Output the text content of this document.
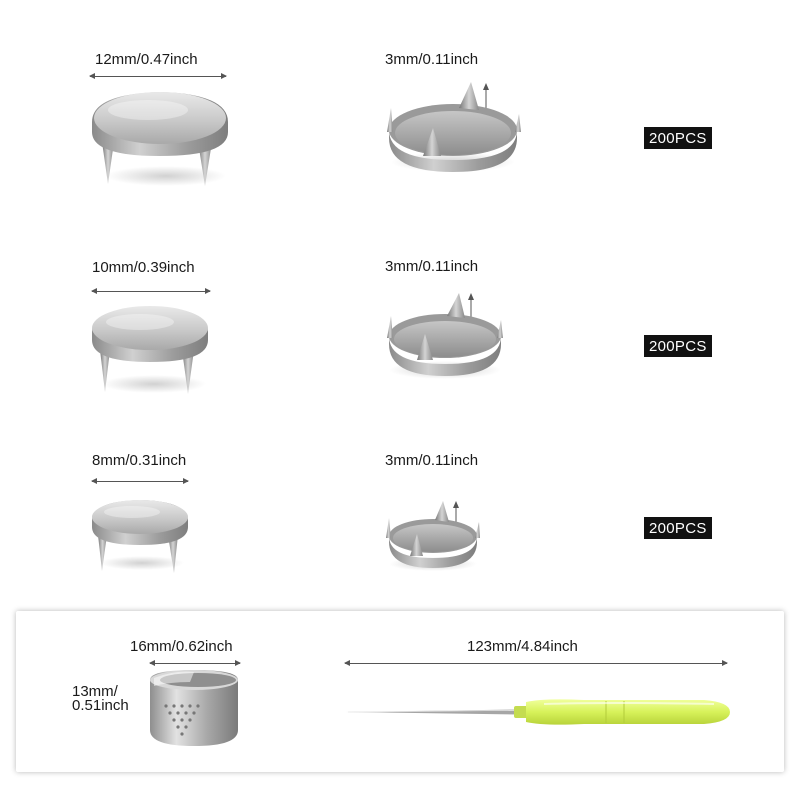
12mm/0.47inch	3mm/0.11inch
200PCS
10mm/0.39inch	3mm/0.11inch
200PCS
8mm/0.31inch	3mm/0.11inch
200PCS
16mm/0.62inch
13mm/
0.51inch
123mm/4.84inch
